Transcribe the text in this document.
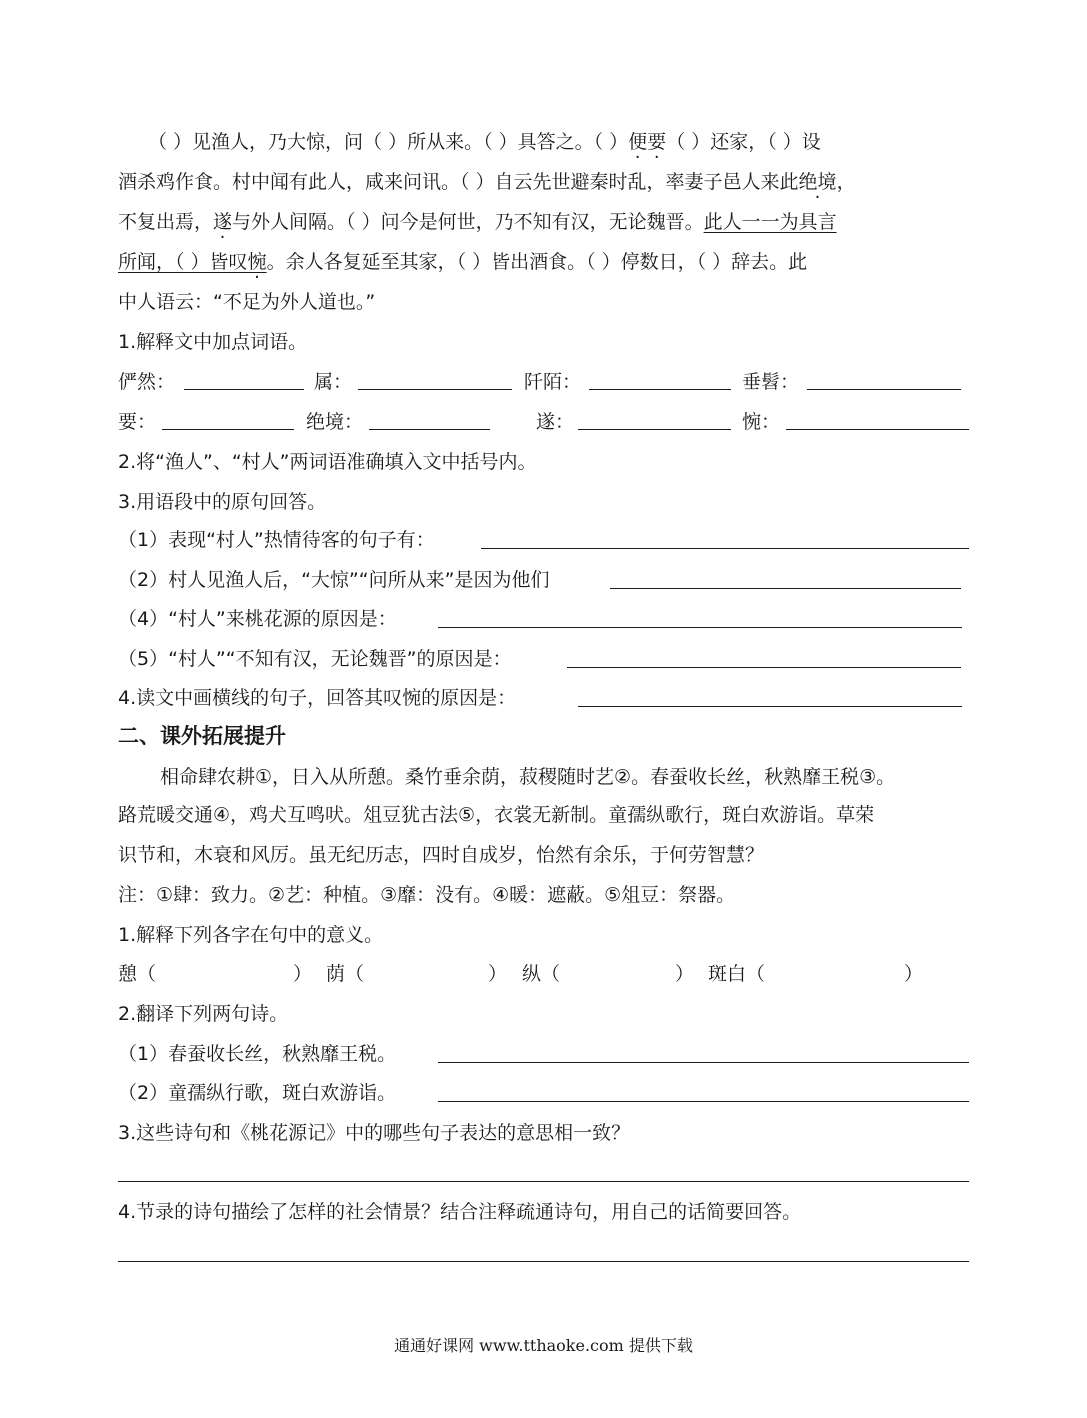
（ ）见渔人，乃大惊，问（ ）所从来。（ ）具答之。（ ）便要（ ）还家，（ ）设
酒杀鸡作食。村中闻有此人，咸来问讯。（ ）自云先世避秦时乱，率妻子邑人来此绝境，
不复出焉，遂与外人间隔。（ ）问今是何世，乃不知有汉，无论魏晋。此人一一为具言
所闻，（ ）皆叹惋。余人各复延至其家，（ ）皆出酒食。（ ）停数日，（ ）辞去。此
中人语云：“不足为外人道也。”
1.解释文中加点词语。
俨然：	属：	阡陌：	垂髫：
要：	绝境：	遂：	惋：
2.将“渔人”、“村人”两词语准确填入文中括号内。
3.用语段中的原句回答。
（1）表现“村人”热情待客的句子有：
（2）村人见渔人后，“大惊”“问所从来”是因为他们
（4）“村人”来桃花源的原因是：
（5）“村人”“不知有汉，无论魏晋”的原因是：
4.读文中画横线的句子，回答其叹惋的原因是：
二、课外拓展提升
相命肆农耕①，日入从所憩。桑竹垂余荫，菽稷随时艺②。春蚕收长丝，秋熟靡王税③。
路荒暖交通④，鸡犬互鸣吠。俎豆犹古法⑤，衣裳无新制。童孺纵歌行，斑白欢游诣。草荣
识节和，木衰和风厉。虽无纪历志，四时自成岁，怡然有余乐，于何劳智慧？
注：①肆：致力。②艺：种植。③靡：没有。④暖：遮蔽。⑤俎豆：祭器。
1.解释下列各字在句中的意义。
憩（	） 荫（	） 纵（	） 斑白（	）
2.翻译下列两句诗。
（1）春蚕收长丝，秋熟靡王税。
（2）童孺纵行歌，斑白欢游诣。
3.这些诗句和《桃花源记》中的哪些句子表达的意思相一致？
4.节录的诗句描绘了怎样的社会情景？结合注释疏通诗句，用自己的话简要回答。
通通好课网 www.tthaoke.com 提供下载
